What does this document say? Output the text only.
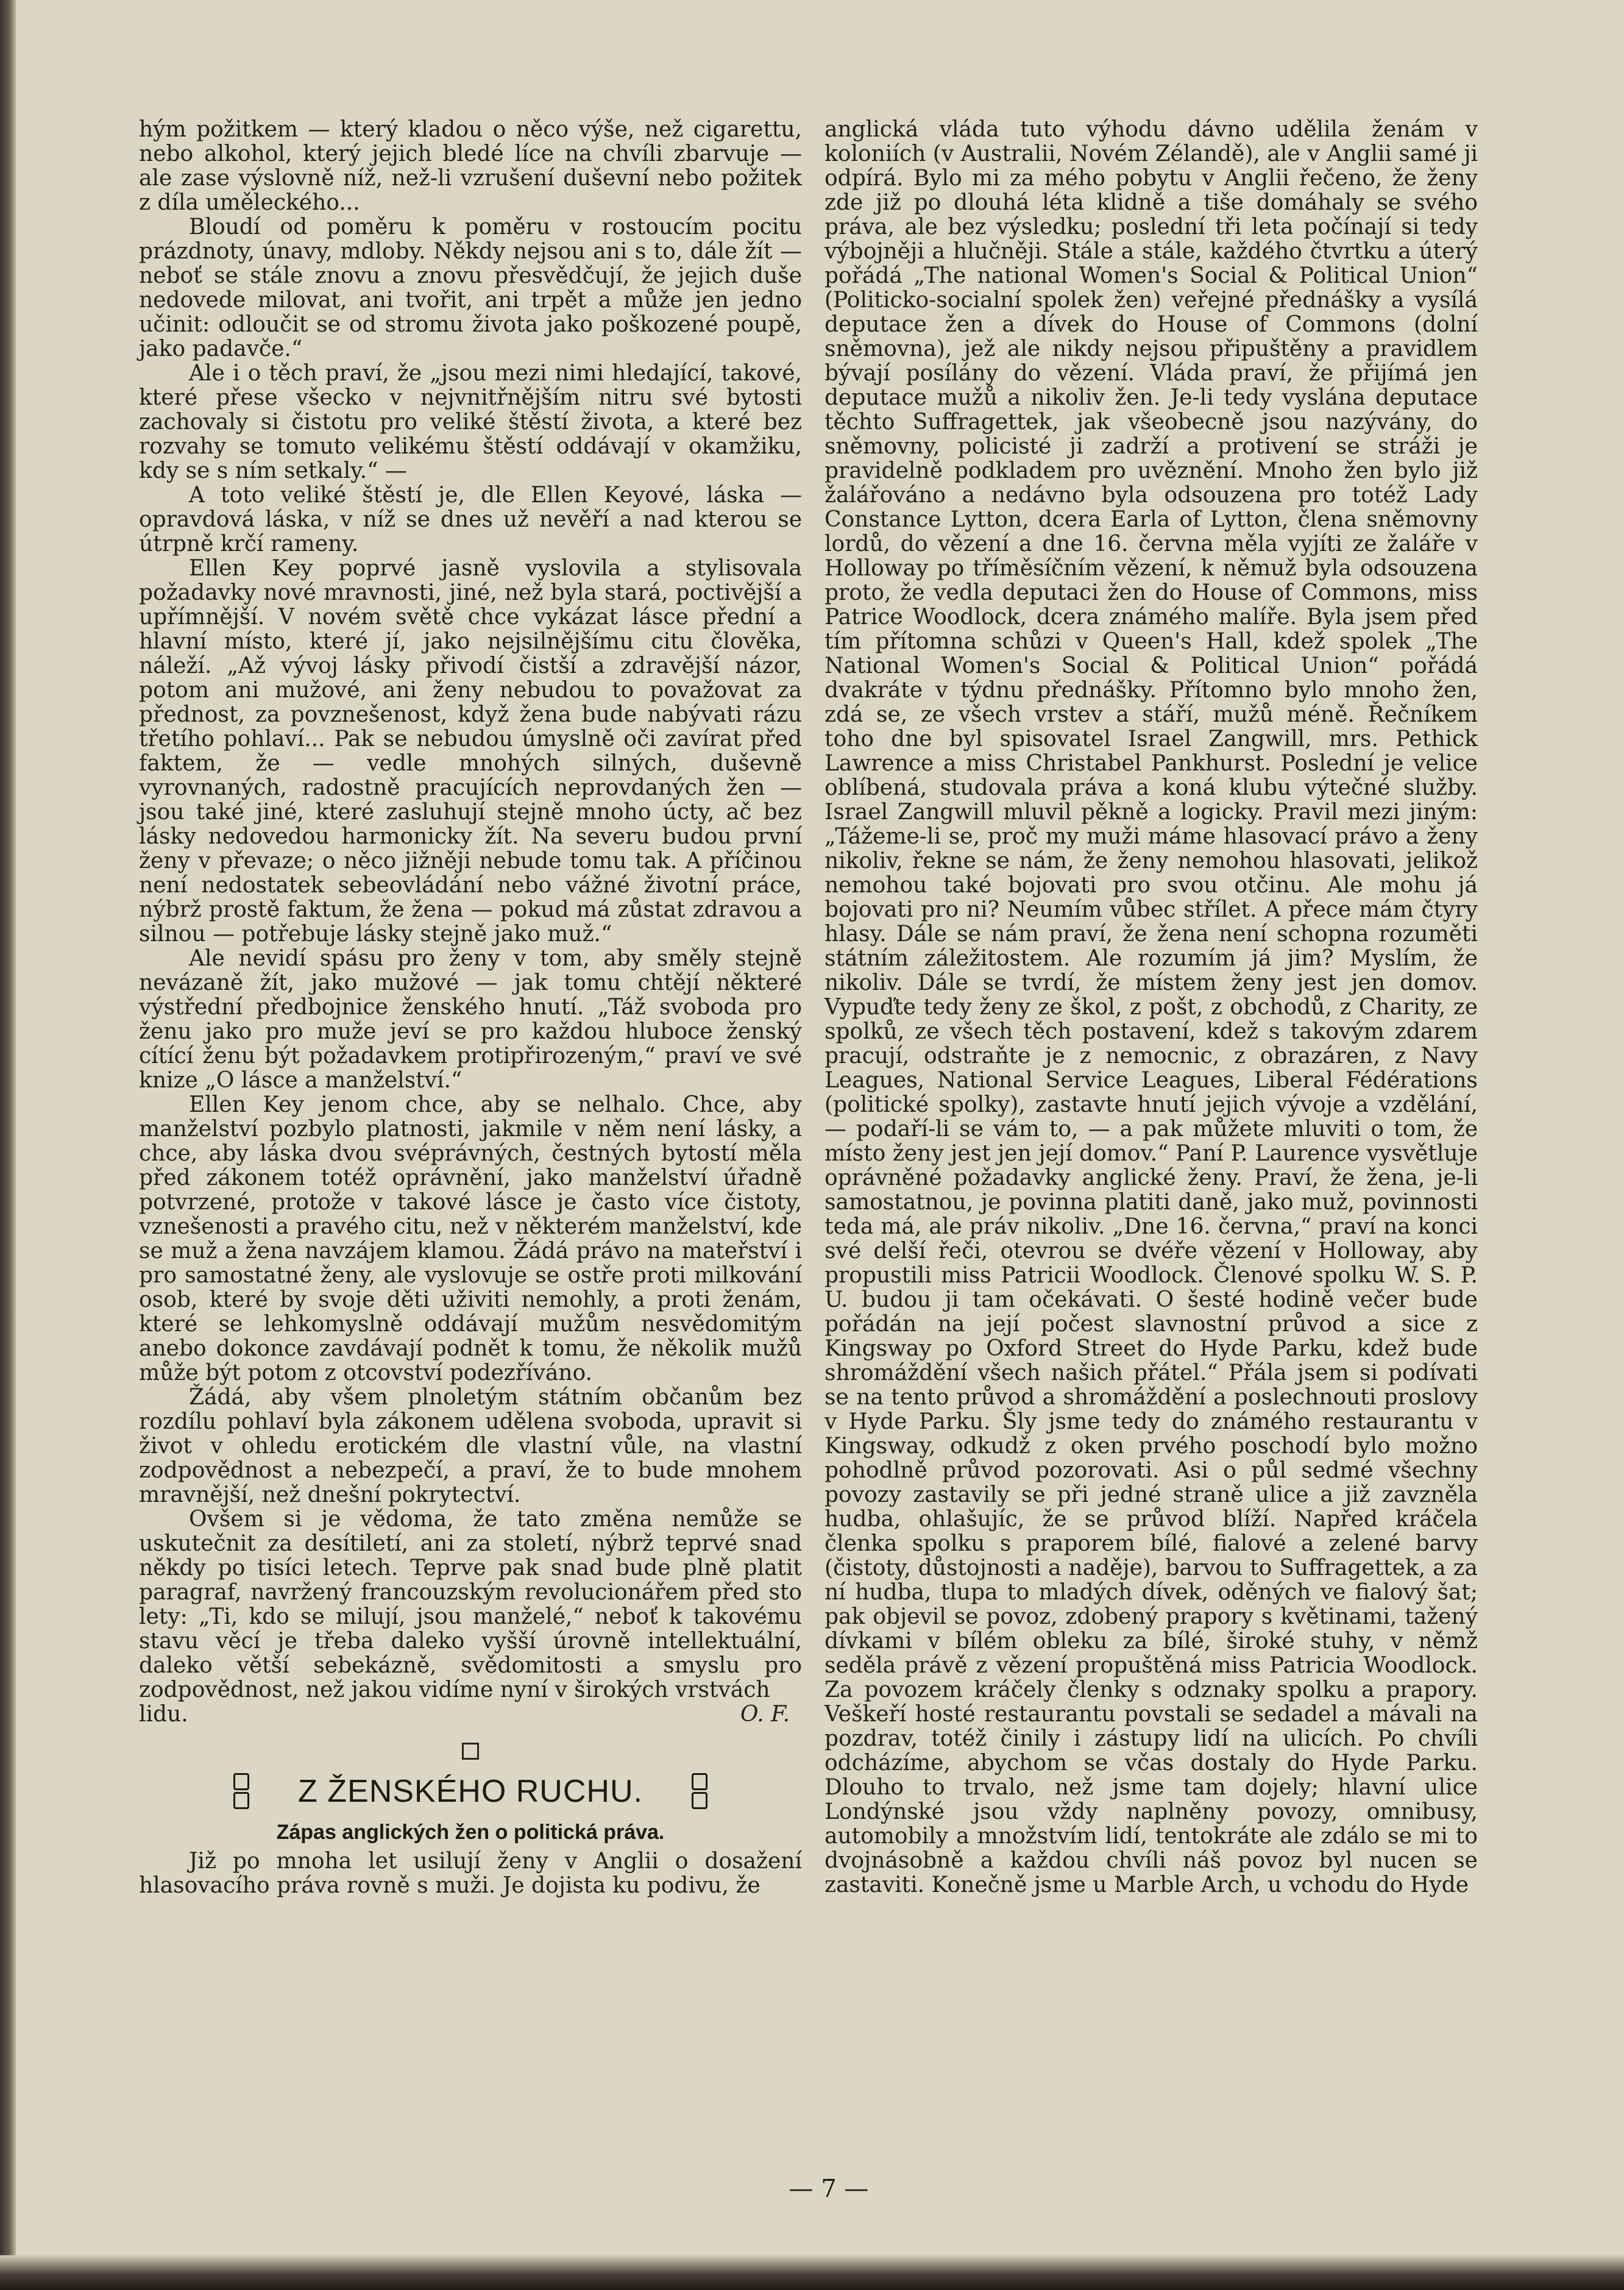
hým požitkem — který kladou o něco výše, než cigarettu, nebo alkohol, který jejich bledé líce na chvíli zbarvuje — ale zase výslovně níž, než-li vzrušení duševní nebo požitek z díla uměleckého...

Bloudí od poměru k poměru v rostoucím pocitu prázdnoty, únavy, mdloby. Někdy nejsou ani s to, dále žít — neboť se stále znovu a znovu přesvědčují, že jejich duše nedovede milovat, ani tvořit, ani trpět a může jen jedno učinit: odloučit se od stromu života jako poškozené poupě, jako padavče.“

Ale i o těch praví, že „jsou mezi nimi hledající, takové, které přese všecko v nejvnitřnějším nitru své bytosti zachovaly si čistotu pro veliké štěstí života, a které bez rozvahy se tomuto velikému štěstí oddávají v okamžiku, kdy se s ním setkaly.“ —

A toto veliké štěstí je, dle Ellen Keyové, láska — opravdová láska, v níž se dnes už nevěří a nad kterou se útrpně krčí rameny.

Ellen Key poprvé jasně vyslovila a stylisovala požadavky nové mravnosti, jiné, než byla stará, poctivější a upřímnější. V novém světě chce vykázat lásce přední a hlavní místo, které jí, jako nejsilnějšímu citu člověka, náleží. „Až vývoj lásky přivodí čistší a zdravější názor, potom ani mužové, ani ženy nebudou to považovat za přednost, za povznešenost, když žena bude nabývati rázu třetího pohlaví... Pak se nebudou úmyslně oči zavírat před faktem, že — vedle mnohých silných, duševně vyrovnaných, radostně pracujících neprovdaných žen — jsou také jiné, které zasluhují stejně mnoho úcty, ač bez lásky nedovedou harmonicky žít. Na severu budou první ženy v převaze; o něco jižněji nebude tomu tak. A příčinou není nedostatek sebeovládání nebo vážné životní práce, nýbrž prostě faktum, že žena — pokud má zůstat zdravou a silnou — potřebuje lásky stejně jako muž.“

Ale nevidí spásu pro ženy v tom, aby směly stejně nevázaně žít, jako mužové — jak tomu chtějí některé výstřední předbojnice ženského hnutí. „Táž svoboda pro ženu jako pro muže jeví se pro každou hluboce ženský cítící ženu být požadavkem protipřirozeným,“ praví ve své knize „O lásce a manželství.“

Ellen Key jenom chce, aby se nelhalo. Chce, aby manželství pozbylo platnosti, jakmile v něm není lásky, a chce, aby láska dvou svéprávných, čestných bytostí měla před zákonem totéž oprávnění, jako manželství úřadně potvrzené, protože v takové lásce je často více čistoty, vznešenosti a pravého citu, než v některém manželství, kde se muž a žena navzájem klamou. Žádá právo na mateřství i pro samostatné ženy, ale vyslovuje se ostře proti milkování osob, které by svoje děti uživiti nemohly, a proti ženám, které se lehkomyslně oddávají mužům nesvědomitým anebo dokonce zavdávají podnět k tomu, že několik mužů může být potom z otcovství podezříváno.

Žádá, aby všem plnoletým státním občanům bez rozdílu pohlaví byla zákonem udělena svoboda, upravit si život v ohledu erotickém dle vlastní vůle, na vlastní zodpovědnost a nebezpečí, a praví, že to bude mnohem mravnější, než dnešní pokrytectví.

Ovšem si je vědoma, že tato změna nemůže se uskutečnit za desítiletí, ani za století, nýbrž teprvé snad někdy po tisíci letech. Teprve pak snad bude plně platit paragraf, navržený francouzským revolucionářem před sto lety: „Ti, kdo se milují, jsou manželé,“ neboť k takovému stavu věcí je třeba daleko vyšší úrovně intellektuální, daleko větší sebekázně, svědomitosti a smyslu pro zodpovědnost, než jakou vidíme nyní v širokých vrstvách

lidu.	O. F.
Z ŽENSKÉHO RUCHU.
Zápas anglických žen o politická práva.

Již po mnoha let usilují ženy v Anglii o dosažení hlasovacího práva rovně s muži. Je dojista ku podivu, že

anglická vláda tuto výhodu dávno udělila ženám v koloniích (v Australii, Novém Zélandě), ale v Anglii samé ji odpírá. Bylo mi za mého pobytu v Anglii řečeno, že ženy zde již po dlouhá léta klidně a tiše domáhaly se svého práva, ale bez výsledku; poslední tři leta počínají si tedy výbojněji a hlučněji. Stále a stále, každého čtvrtku a úterý pořádá „The national Women's Social & Political Union“ (Politicko-socialní spolek žen) veřejné přednášky a vysílá deputace žen a dívek do House of Commons (dolní sněmovna), jež ale nikdy nejsou připuštěny a pravidlem bývají posílány do vězení. Vláda praví, že přijímá jen deputace mužů a nikoliv žen. Je-li tedy vyslána deputace těchto Suffragettek, jak všeobecně jsou nazývány, do sněmovny, policisté ji zadrží a protivení se stráži je pravidelně podkladem pro uvěznění. Mnoho žen bylo již žalářováno a nedávno byla odsouzena pro totéž Lady Constance Lytton, dcera Earla of Lytton, člena sněmovny lordů, do vězení a dne 16. června měla vyjíti ze žaláře v Holloway po tříměsíčním vězení, k němuž byla odsouzena proto, že vedla deputaci žen do House of Commons, miss Patrice Woodlock, dcera známého malíře. Byla jsem před tím přítomna schůzi v Queen's Hall, kdež spolek „The National Women's Social & Political Union“ pořádá dvakráte v týdnu přednášky. Přítomno bylo mnoho žen, zdá se, ze všech vrstev a stáří, mužů méně. Řečníkem toho dne byl spisovatel Israel Zangwill, mrs. Pethick Lawrence a miss Christabel Pankhurst. Poslední je velice oblíbená, studovala práva a koná klubu výtečné služby. Israel Zangwill mluvil pěkně a logicky. Pravil mezi jiným: „Tážeme-li se, proč my muži máme hlasovací právo a ženy nikoliv, řekne se nám, že ženy nemohou hlasovati, jelikož nemohou také bojovati pro svou otčinu. Ale mohu já bojovati pro ni? Neumím vůbec střílet. A přece mám čtyry hlasy. Dále se nám praví, že žena není schopna rozuměti státním záležitostem. Ale rozumím já jim? Myslím, že nikoliv. Dále se tvrdí, že místem ženy jest jen domov. Vypuďte tedy ženy ze škol, z pošt, z obchodů, z Charity, ze spolků, ze všech těch postavení, kdež s takovým zdarem pracují, odstraňte je z nemocnic, z obrazáren, z Navy Leagues, National Service Leagues, Liberal Fédérations (politické spolky), zastavte hnutí jejich vývoje a vzdělání, — podaří-li se vám to, — a pak můžete mluviti o tom, že místo ženy jest jen její domov.“ Paní P. Laurence vysvětluje oprávněné požadavky anglické ženy. Praví, že žena, je-li samostatnou, je povinna platiti daně, jako muž, povinnosti teda má, ale práv nikoliv. „Dne 16. června,“ praví na konci své delší řeči, otevrou se dvéře vězení v Holloway, aby propustili miss Patricii Woodlock. Členové spolku W. S. P. U. budou ji tam očekávati. O šesté hodině večer bude pořádán na její počest slavnostní průvod a sice z Kingsway po Oxford Street do Hyde Parku, kdež bude shromáždění všech našich přátel.“ Přála jsem si podívati se na tento průvod a shromáždění a poslechnouti proslovy v Hyde Parku. Šly jsme tedy do známého restaurantu v Kingsway, odkudž z oken prvého poschodí bylo možno pohodlně průvod pozorovati. Asi o půl sedmé všechny povozy zastavily se při jedné straně ulice a již zavzněla hudba, ohlašujíc, že se průvod blíží. Napřed kráčela členka spolku s praporem bílé, fialové a zelené barvy (čistoty, důstojnosti a naděje), barvou to Suffragettek, a za ní hudba, tlupa to mladých dívek, oděných ve fialový šat; pak objevil se povoz, zdobený prapory s květinami, tažený dívkami v bílém obleku za bílé, široké stuhy, v němž seděla právě z vězení propuštěná miss Patricia Woodlock. Za povozem kráčely členky s odznaky spolku a prapory. Veškeří hosté restaurantu povstali se sedadel a mávali na pozdrav, totéž činily i zástupy lidí na ulicích. Po chvíli odcházíme, abychom se včas dostaly do Hyde Parku. Dlouho to trvalo, než jsme tam dojely; hlavní ulice Londýnské jsou vždy naplněny povozy, omnibusy, automobily a množstvím lidí, tentokráte ale zdálo se mi to dvojnásobně a každou chvíli náš povoz byl nucen se zastaviti. Konečně jsme u Marble Arch, u vchodu do Hyde

— 7 —
